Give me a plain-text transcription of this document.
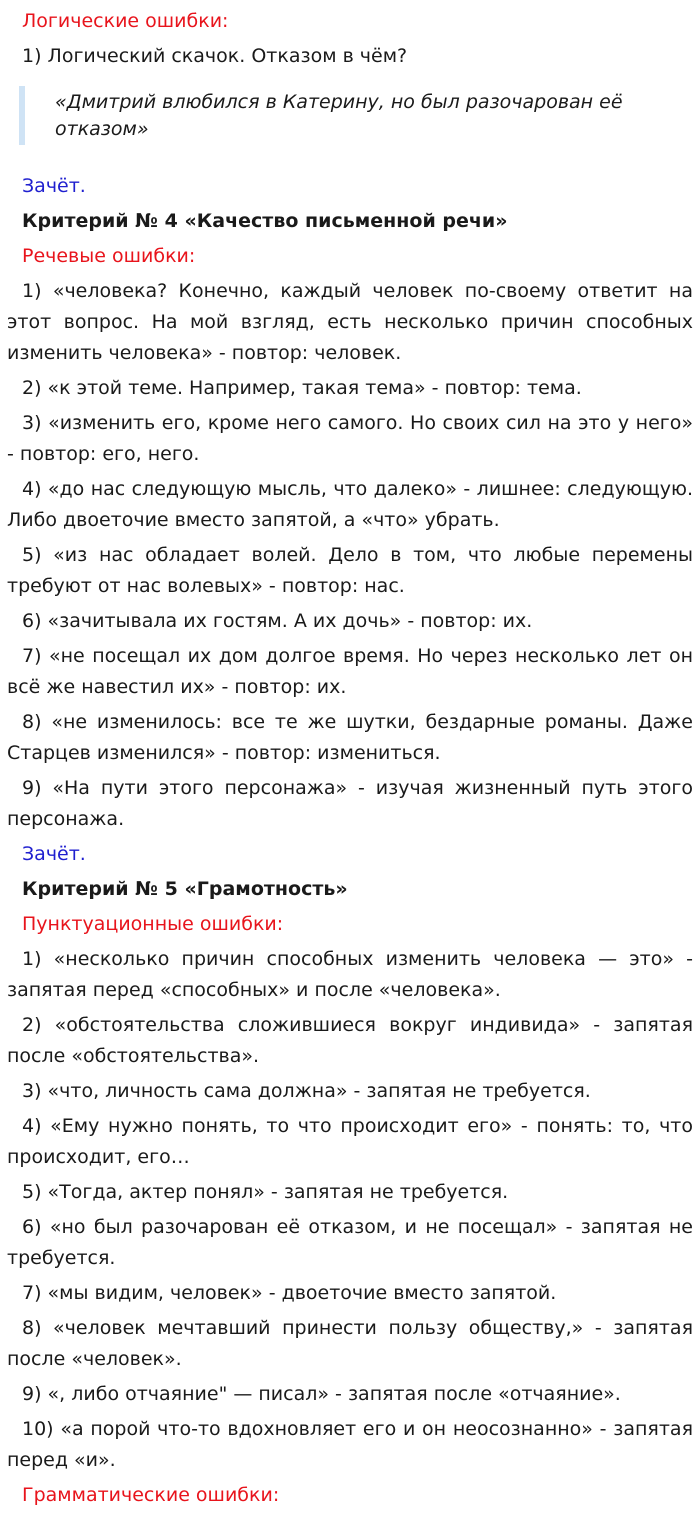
Логические ошибки:

1) Логический скачок. Отказом в чём?

«Дмитрий влюбился в Катерину, но был разочарован её отказом»

Зачёт.

Критерий № 4 «Качество письменной речи»

Речевые ошибки:

1) «человека? Конечно, каждый человек по-своему ответит на этот вопрос. На мой взгляд, есть несколько причин способных изменить человека» - повтор: человек.

2) «к этой теме. Например, такая тема» - повтор: тема.

3) «изменить его, кроме него самого. Но своих сил на это у него» - повтор: его, него.

4) «до нас следующую мысль, что далеко» - лишнее: следующую. Либо двоеточие вместо запятой, а «что» убрать.

5) «из нас обладает волей. Дело в том, что любые перемены требуют от нас волевых» - повтор: нас.

6) «зачитывала их гостям. А их дочь» - повтор: их.

7) «не посещал их дом долгое время. Но через несколько лет он всё же навестил их» - повтор: их.

8) «не изменилось: все те же шутки, бездарные романы. Даже Старцев изменился» - повтор: измениться.

9) «На пути этого персонажа» - изучая жизненный путь этого персонажа.

Зачёт.

Критерий № 5 «Грамотность»

Пунктуационные ошибки:

1) «несколько причин способных изменить человека — это» - запятая перед «способных» и после «человека».

2) «обстоятельства сложившиеся вокруг индивида» - запятая после «обстоятельства».

3) «что, личность сама должна» - запятая не требуется.

4) «Ему нужно понять, то что происходит его» - понять: то, что происходит, его…

5) «Тогда, актер понял» - запятая не требуется.

6) «но был разочарован её отказом, и не посещал» - запятая не требуется.

7) «мы видим, человек» - двоеточие вместо запятой.

8) «человек мечтавший принести пользу обществу,» - запятая после «человек».

9) «, либо отчаяние" — писал» - запятая после «отчаяние».

10) «а порой что-то вдохновляет его и он неосознанно» - запятая перед «и».

Грамматические ошибки:
